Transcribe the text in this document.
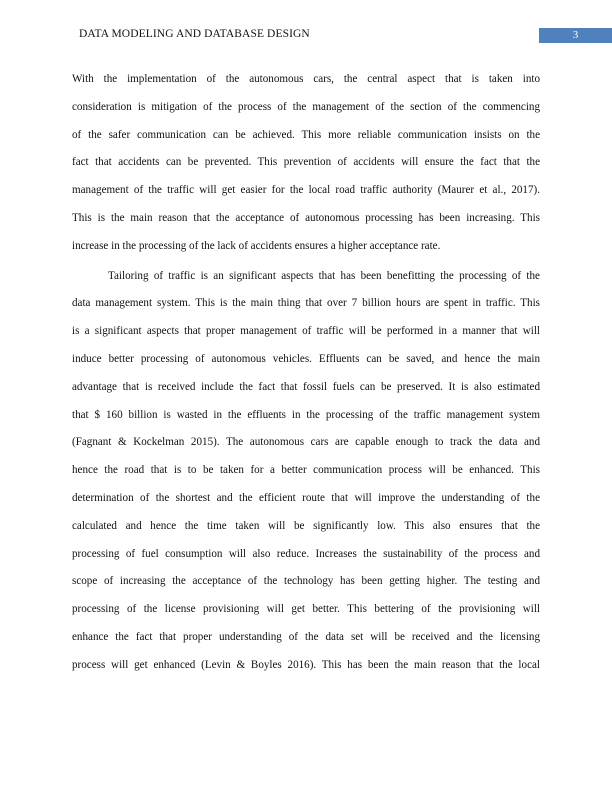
DATA MODELING AND DATABASE DESIGN	3
With the implementation of the autonomous cars, the central aspect that is taken into
consideration is mitigation of the process of the management of the section of the commencing
of the safer communication can be achieved. This more reliable communication insists on the
fact that accidents can be prevented. This prevention of accidents will ensure the fact that the
management of the traffic will get easier for the local road traffic authority (Maurer et al., 2017).
This is the main reason that the acceptance of autonomous processing has been increasing. This
increase in the processing of the lack of accidents ensures a higher acceptance rate.
Tailoring of traffic is an significant aspects that has been benefitting the processing of the
data management system. This is the main thing that over 7 billion hours are spent in traffic. This
is a significant aspects that proper management of traffic will be performed in a manner that will
induce better processing of autonomous vehicles. Effluents can be saved, and hence the main
advantage that is received include the fact that fossil fuels can be preserved. It is also estimated
that $ 160 billion is wasted in the effluents in the processing of the traffic management system
(Fagnant & Kockelman 2015). The autonomous cars are capable enough to track the data and
hence the road that is to be taken for a better communication process will be enhanced. This
determination of the shortest and the efficient route that will improve the understanding of the
calculated and hence the time taken will be significantly low. This also ensures that the
processing of fuel consumption will also reduce. Increases the sustainability of the process and
scope of increasing the acceptance of the technology has been getting higher. The testing and
processing of the license provisioning will get better. This bettering of the provisioning will
enhance the fact that proper understanding of the data set will be received and the licensing
process will get enhanced (Levin & Boyles 2016). This has been the main reason that the local
